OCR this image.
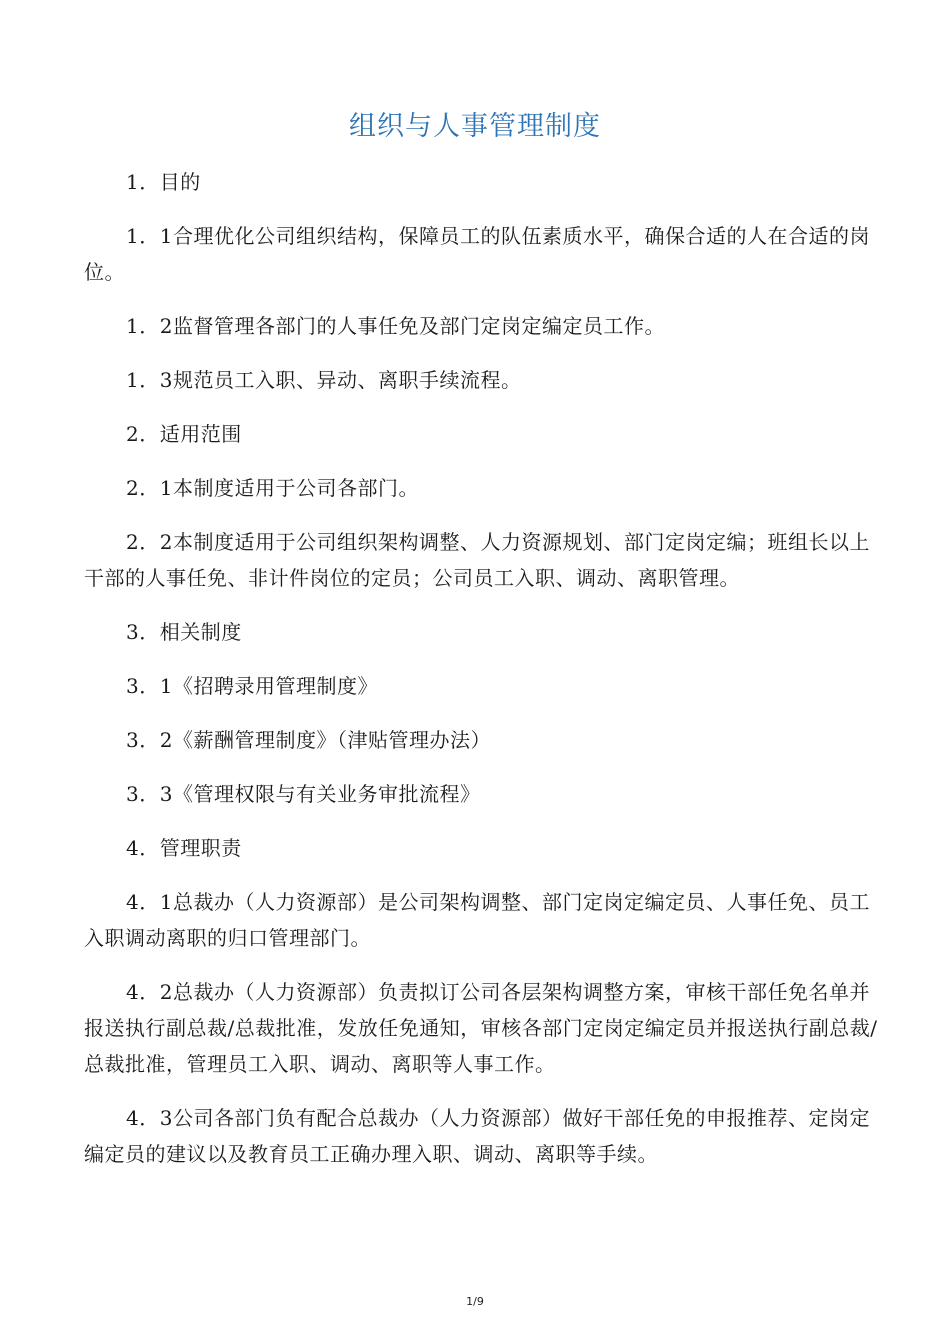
组织与人事管理制度

1．目的

1．1合理优化公司组织结构，保障员工的队伍素质水平，确保合适的人在合适的岗位。

1．2监督管理各部门的人事任免及部门定岗定编定员工作。

1．3规范员工入职、异动、离职手续流程。

2．适用范围

2．1本制度适用于公司各部门。

2．2本制度适用于公司组织架构调整、人力资源规划、部门定岗定编；班组长以上干部的人事任免、非计件岗位的定员；公司员工入职、调动、离职管理。

3．相关制度

3．1《招聘录用管理制度》

3．2《薪酬管理制度》（津贴管理办法）

3．3《管理权限与有关业务审批流程》

4．管理职责

4．1总裁办（人力资源部）是公司架构调整、部门定岗定编定员、人事任免、员工入职调动离职的归口管理部门。

4．2总裁办（人力资源部）负责拟订公司各层架构调整方案，审核干部任免名单并报送执行副总裁/总裁批准，发放任免通知，审核各部门定岗定编定员并报送执行副总裁/总裁批准，管理员工入职、调动、离职等人事工作。

4．3公司各部门负有配合总裁办（人力资源部）做好干部任免的申报推荐、定岗定编定员的建议以及教育员工正确办理入职、调动、离职等手续。

1/9
